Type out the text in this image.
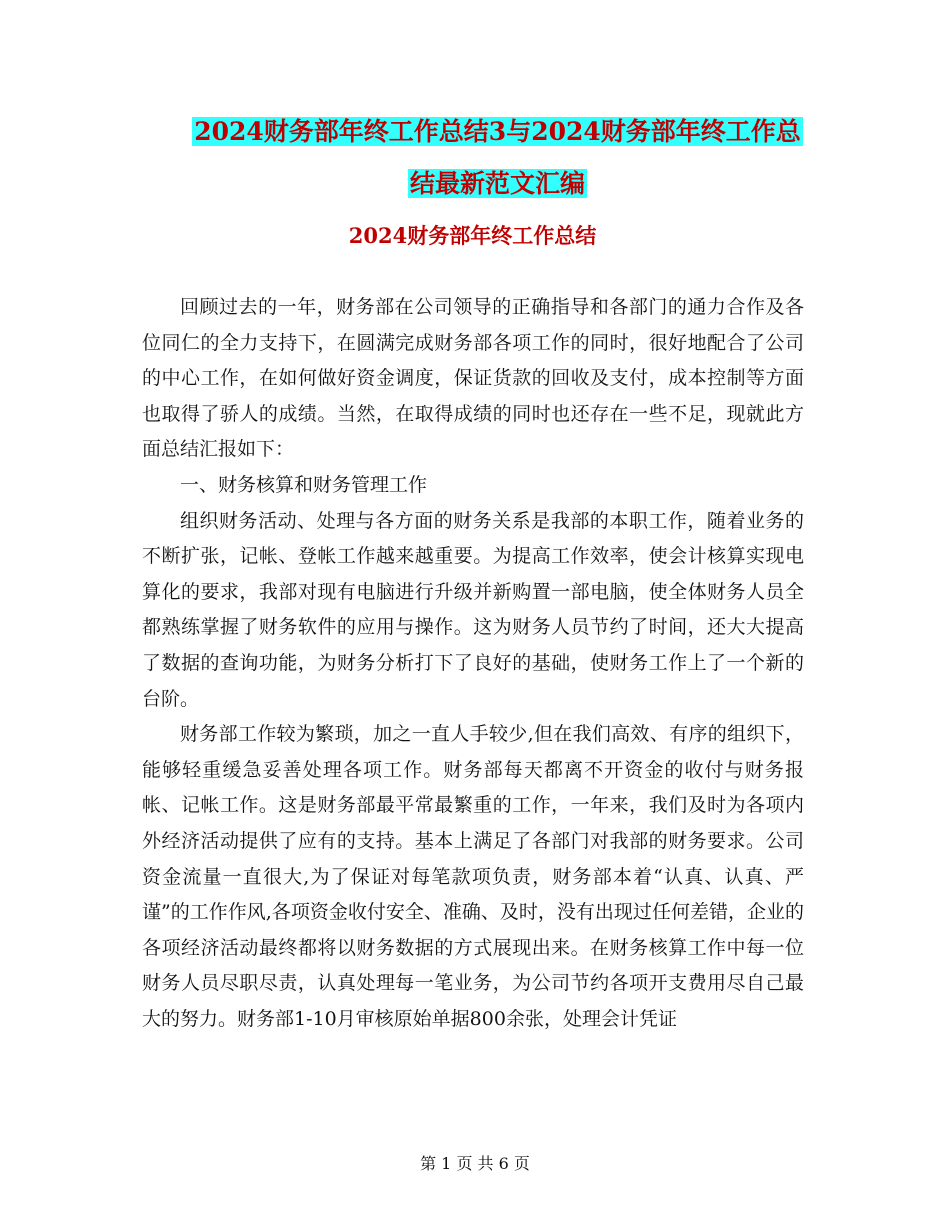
2024财务部年终工作总结3与2024财务部年终工作总
结最新范文汇编
2024财务部年终工作总结

回顾过去的一年，财务部在公司领导的正确指导和各部门的通力合作及各位同仁的全力支持下，在圆满完成财务部各项工作的同时，很好地配合了公司的中心工作，在如何做好资金调度，保证货款的回收及支付，成本控制等方面也取得了骄人的成绩。当然，在取得成绩的同时也还存在一些不足，现就此方面总结汇报如下：

一、财务核算和财务管理工作

组织财务活动、处理与各方面的财务关系是我部的本职工作，随着业务的不断扩张，记帐、登帐工作越来越重要。为提高工作效率，使会计核算实现电算化的要求，我部对现有电脑进行升级并新购置一部电脑，使全体财务人员全都熟练掌握了财务软件的应用与操作。这为财务人员节约了时间，还大大提高了数据的查询功能，为财务分析打下了良好的基础，使财务工作上了一个新的台阶。

财务部工作较为繁琐，加之一直人手较少,但在我们高效、有序的组织下，能够轻重缓急妥善处理各项工作。财务部每天都离不开资金的收付与财务报帐、记帐工作。这是财务部最平常最繁重的工作，一年来，我们及时为各项内外经济活动提供了应有的支持。基本上满足了各部门对我部的财务要求。公司资金流量一直很大,为了保证对每笔款项负责，财务部本着“认真、认真、严谨”的工作作风,各项资金收付安全、准确、及时，没有出现过任何差错，企业的各项经济活动最终都将以财务数据的方式展现出来。在财务核算工作中每一位财务人员尽职尽责，认真处理每一笔业务，为公司节约各项开支费用尽自己最大的努力。财务部1-10月审核原始单据800余张，处理会计凭证

第 1 页 共 6 页
